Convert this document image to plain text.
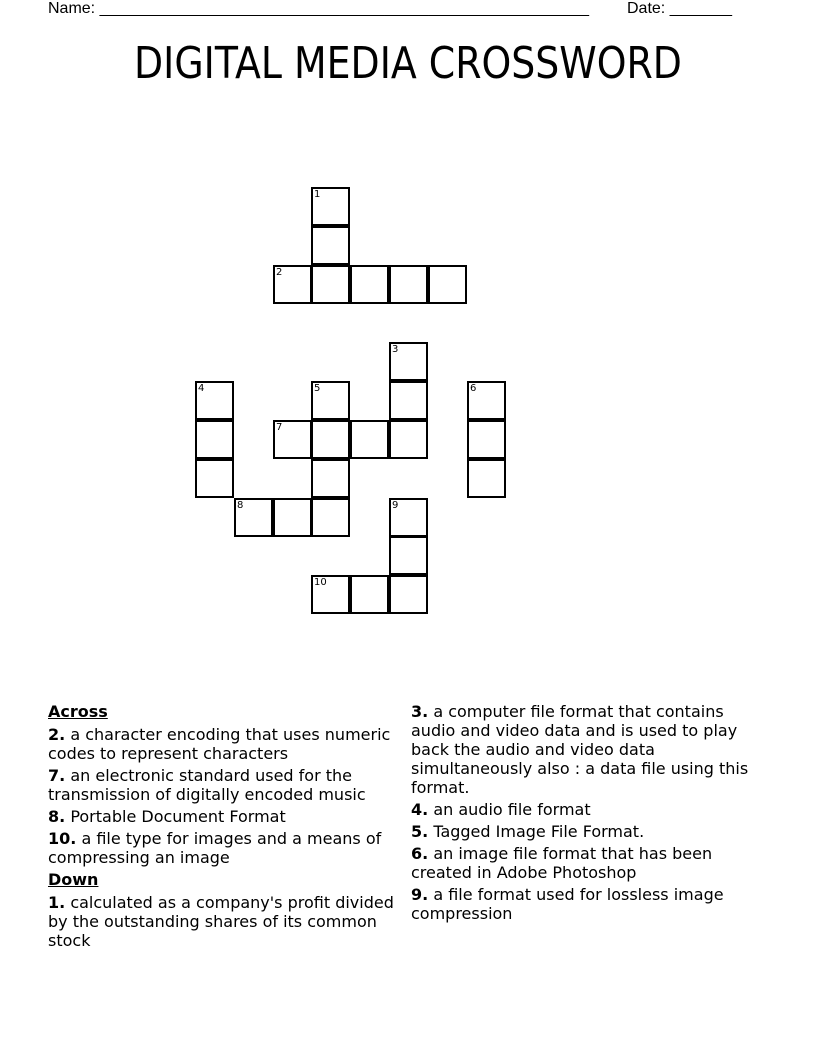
Name: _______________________________________________________ Date: _______
DIGITAL MEDIA CROSSWORD
1
2
3
4	5	6
7
8	9
10
Across
2. a character encoding that uses numeric codes to represent characters
7. an electronic standard used for the transmission of digitally encoded music
8. Portable Document Format
10. a file type for images and a means of compressing an image
Down
1. calculated as a company's profit divided by the outstanding shares of its common stock
3. a computer file format that contains audio and video data and is used to play back the audio and video data simultaneously also : a data file using this format.
4. an audio file format
5. Tagged Image File Format.
6. an image file format that has been created in Adobe Photoshop
9. a file format used for lossless image compression
